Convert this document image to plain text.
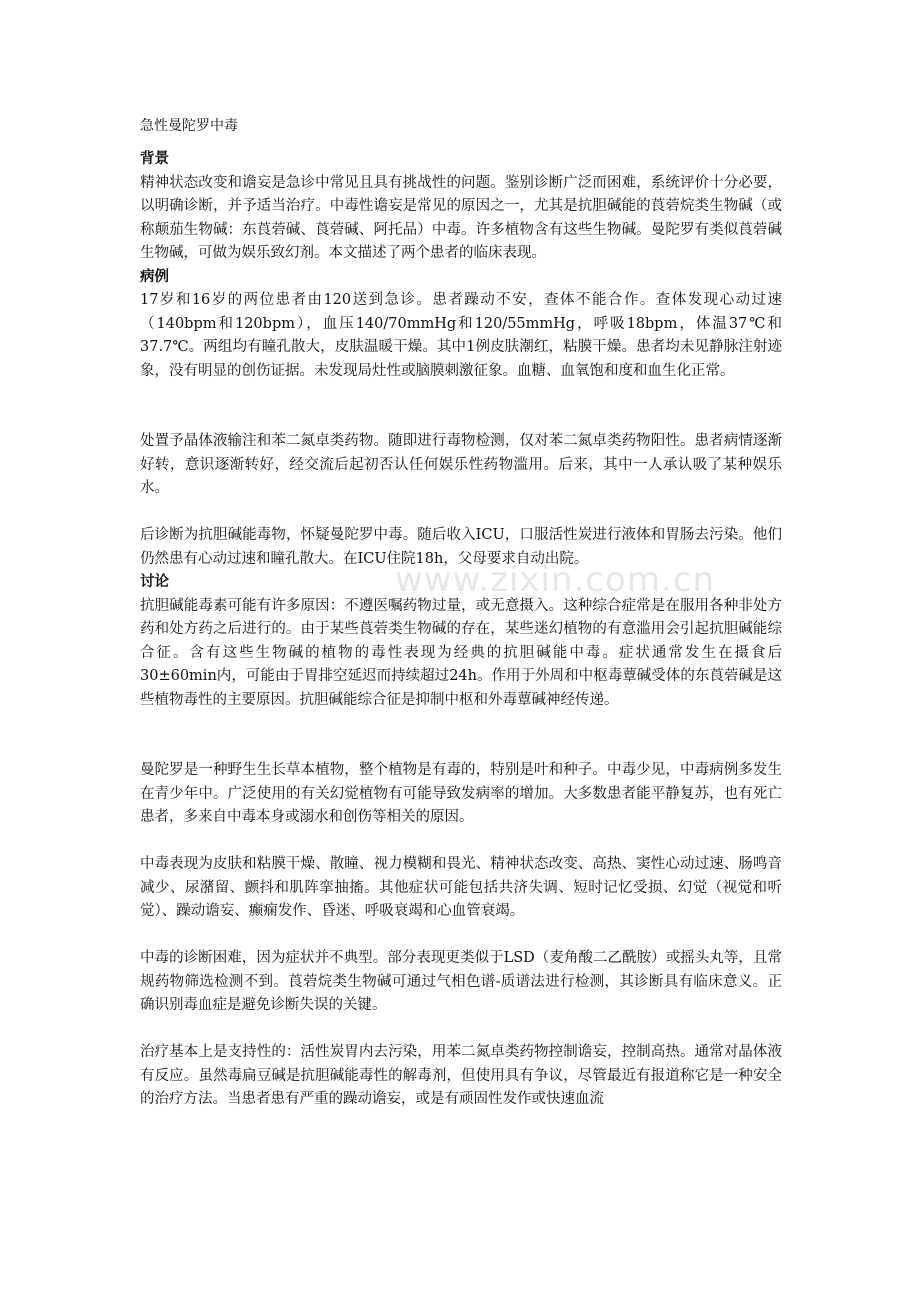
www.zixin.com.cn
急性曼陀罗中毒
背景

精神状态改变和谵妄是急诊中常见且具有挑战性的问题。鉴别诊断广泛而困难，系统评价十分必要，以明确诊断，并予适当治疗。中毒性谵妄是常见的原因之一，尤其是抗胆碱能的莨菪烷类生物碱（或称颠茄生物碱：东莨菪碱、莨菪碱、阿托品）中毒。许多植物含有这些生物碱。曼陀罗有类似莨菪碱生物碱，可做为娱乐致幻剂。本文描述了两个患者的临床表现。

病例

17岁和16岁的两位患者由120送到急诊。患者躁动不安，查体不能合作。查体发现心动过速（140bpm和120bpm），血压140/70mmHg和120/55mmHg，呼吸18bpm，体温37℃和37.7℃。两组均有瞳孔散大，皮肤温暖干燥。其中1例皮肤潮红，粘膜干燥。患者均未见静脉注射迹象，没有明显的创伤证据。未发现局灶性或脑膜刺激征象。血糖、血氧饱和度和血生化正常。

处置予晶体液输注和苯二氮卓类药物。随即进行毒物检测，仅对苯二氮卓类药物阳性。患者病情逐渐好转，意识逐渐转好，经交流后起初否认任何娱乐性药物滥用。后来，其中一人承认吸了某种娱乐水。

后诊断为抗胆碱能毒物，怀疑曼陀罗中毒。随后收入ICU，口服活性炭进行液体和胃肠去污染。他们仍然患有心动过速和瞳孔散大。在ICU住院18h，父母要求自动出院。

讨论

抗胆碱能毒素可能有许多原因：不遵医嘱药物过量，或无意摄入。这种综合症常是在服用各种非处方药和处方药之后进行的。由于某些莨菪类生物碱的存在，某些迷幻植物的有意滥用会引起抗胆碱能综合征。含有这些生物碱的植物的毒性表现为经典的抗胆碱能中毒。症状通常发生在摄食后30±60min内，可能由于胃排空延迟而持续超过24h。作用于外周和中枢毒蕈碱受体的东莨菪碱是这些植物毒性的主要原因。抗胆碱能综合征是抑制中枢和外毒蕈碱神经传递。

曼陀罗是一种野生生长草本植物，整个植物是有毒的，特别是叶和种子。中毒少见，中毒病例多发生在青少年中。广泛使用的有关幻觉植物有可能导致发病率的增加。大多数患者能平静复苏，也有死亡患者，多来自中毒本身或溺水和创伤等相关的原因。

中毒表现为皮肤和粘膜干燥、散瞳、视力模糊和畏光、精神状态改变、高热、窦性心动过速、肠鸣音减少、尿潴留、颤抖和肌阵挛抽搐。其他症状可能包括共济失调、短时记忆受损、幻觉（视觉和听觉）、躁动谵妄、癫痫发作、昏迷、呼吸衰竭和心血管衰竭。

中毒的诊断困难，因为症状并不典型。部分表现更类似于LSD（麦角酸二乙酰胺）或摇头丸等，且常规药物筛选检测不到。莨菪烷类生物碱可通过气相色谱-质谱法进行检测，其诊断具有临床意义。正确识别毒血症是避免诊断失误的关键。

治疗基本上是支持性的：活性炭胃内去污染，用苯二氮卓类药物控制谵妄，控制高热。通常对晶体液有反应。虽然毒扁豆碱是抗胆碱能毒性的解毒剂，但使用具有争议，尽管最近有报道称它是一种安全的治疗方法。当患者患有严重的躁动谵妄，或是有顽固性发作或快速血流
